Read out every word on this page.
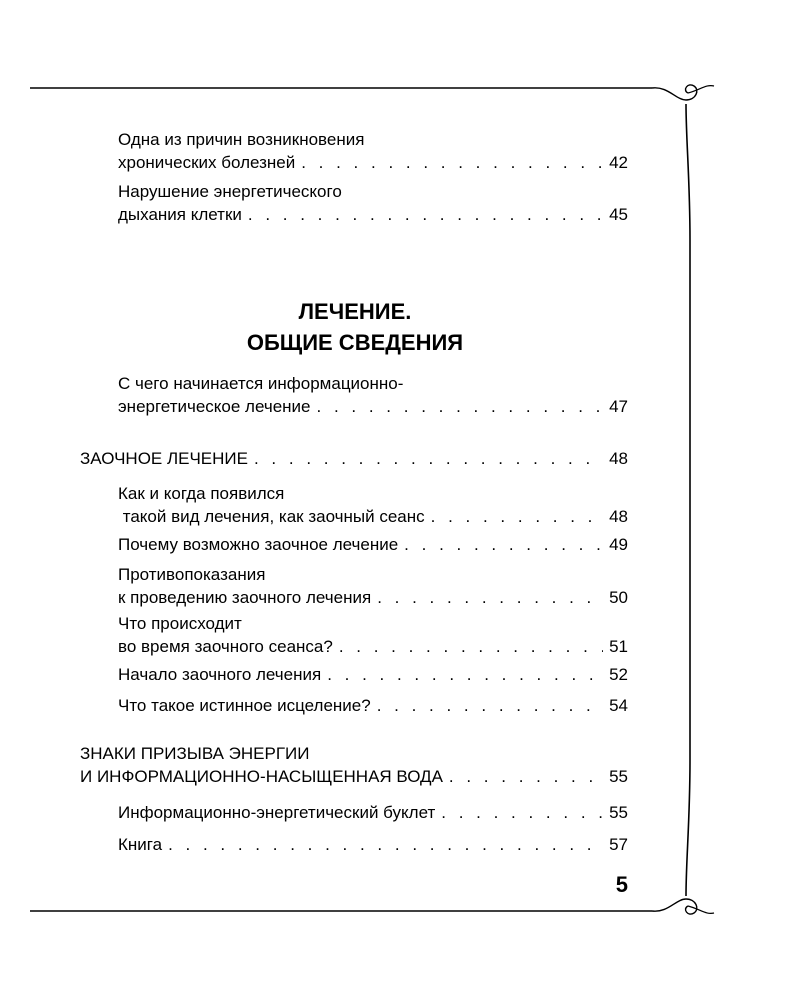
Одна из причин возникновения
хронических болезней . . .	42
Нарушение энергетического
дыхания клетки . . .	45
ЛЕЧЕНИЕ.
ОБЩИЕ СВЕДЕНИЯ
С чего начинается информационно-
энергетическое лечение . . .	47
ЗАОЧНОЕ ЛЕЧЕНИЕ . . .	48
Как и когда появился
такой вид лечения, как заочный сеанс . . .	48
Почему возможно заочное лечение . . .	49
Противопоказания
к проведению заочного лечения . . .	50
Что происходит
во время заочного сеанса? . . .	51
Начало заочного лечения . . .	52
Что такое истинное исцеление? . . .	54
ЗНАКИ ПРИЗЫВА ЭНЕРГИИ
И ИНФОРМАЦИОННО-НАСЫЩЕННАЯ ВОДА . . .	55
Информационно-энергетический буклет . . .	55
Книга . . .	57
5
